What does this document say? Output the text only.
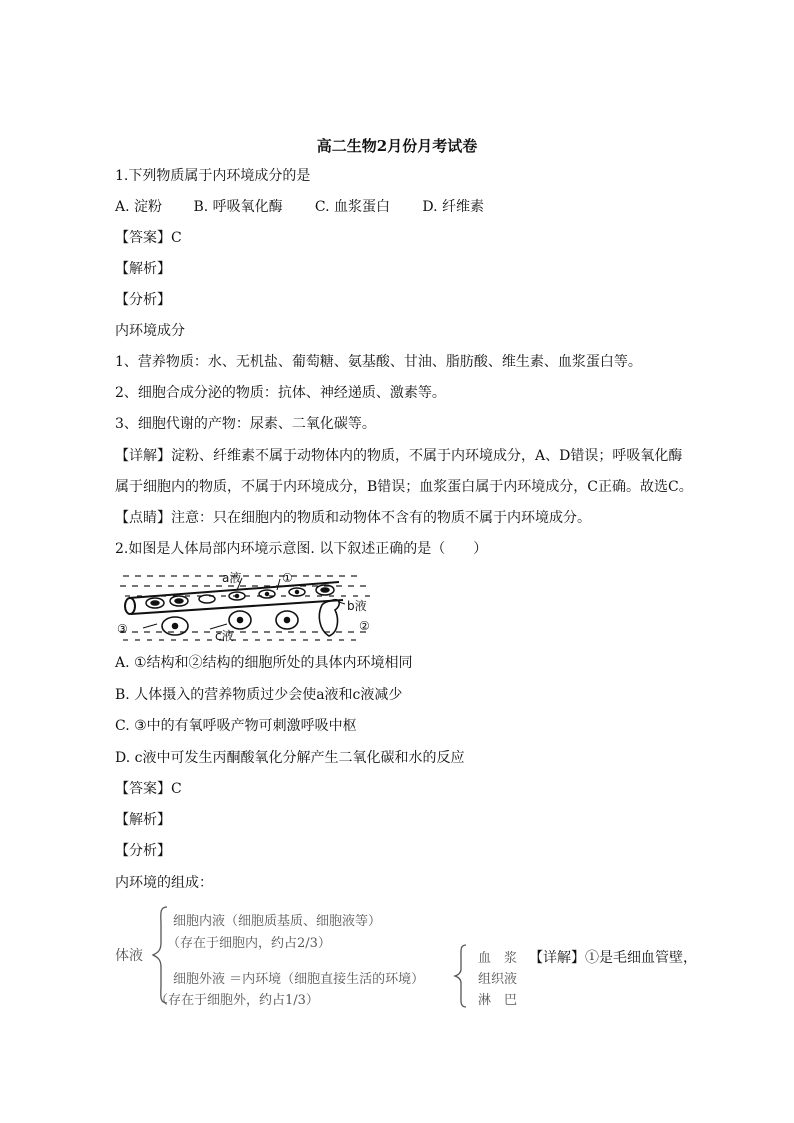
高二生物2月份月考试卷
1.下列物质属于内环境成分的是
A. 淀粉 B. 呼吸氧化酶 C. 血浆蛋白 D. 纤维素
【答案】C
【解析】
【分析】
内环境成分
1、营养物质：水、无机盐、葡萄糖、氨基酸、甘油、脂肪酸、维生素、血浆蛋白等。
2、细胞合成分泌的物质：抗体、神经递质、激素等。
3、细胞代谢的产物：尿素、二氧化碳等。
【详解】淀粉、纤维素不属于动物体内的物质，不属于内环境成分，A、D错误；呼吸氧化酶
属于细胞内的物质，不属于内环境成分，B错误；血浆蛋白属于内环境成分，C正确。故选C。
【点睛】注意：只在细胞内的物质和动物体不含有的物质不属于内环境成分。
2.如图是人体局部内环境示意图. 以下叙述正确的是（　　）
a液	①
b液
③	c液
②
A. ①结构和②结构的细胞所处的具体内环境相同
B. 人体摄入的营养物质过少会使a液和c液减少
C. ③中的有氧呼吸产物可刺激呼吸中枢
D. c液中可发生丙酮酸氧化分解产生二氧化碳和水的反应
【答案】C
【解析】
【分析】
内环境的组成：
体液
细胞内液（细胞质基质、细胞液等）
（存在于细胞内，约占2/3）
细胞外液 ＝内环境（细胞直接生活的环境）
（存在于细胞外，约占1/3）
血　浆
组织液
淋　巴
【详解】①是毛细血管壁，
